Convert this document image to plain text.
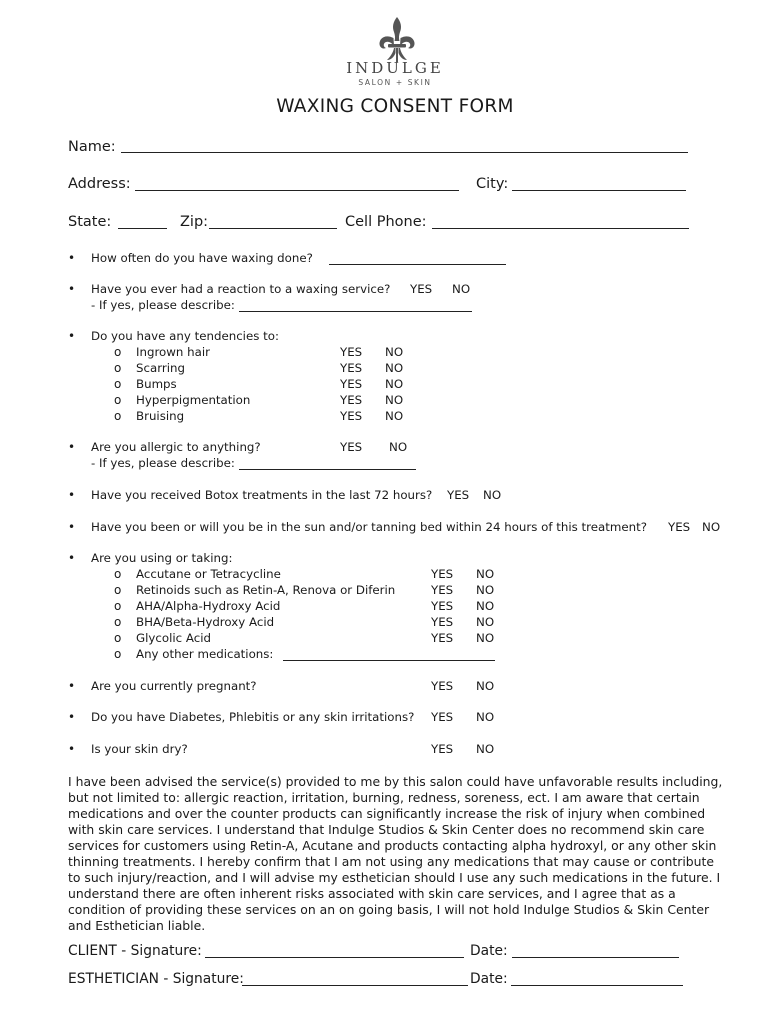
INDULGE
SALON + SKIN
WAXING CONSENT FORM
Name:
Address:	City:
State:	Zip:	Cell Phone:
• How often do you have waxing done?
• Have you ever had a reaction to a waxing service? YES NO
- If yes, please describe:
• Do you have any tendencies to:
o Ingrown hair	YES NO
o Scarring	YES NO
o Bumps	YES NO
o Hyperpigmentation	YES NO
o Bruising	YES NO
• Are you allergic to anything?	YES NO
- If yes, please describe:
• Have you received Botox treatments in the last 72 hours? YES NO
• Have you been or will you be in the sun and/or tanning bed within 24 hours of this treatment? YES NO
• Are you using or taking:
o Accutane or Tetracycline	YES NO
o Retinoids such as Retin-A, Renova or Diferin	YES NO
o AHA/Alpha-Hydroxy Acid	YES NO
o BHA/Beta-Hydroxy Acid	YES NO
o Glycolic Acid	YES NO
o Any other medications:
• Are you currently pregnant?	YES NO
• Do you have Diabetes, Phlebitis or any skin irritations? YES NO
• Is your skin dry?	YES NO
I have been advised the service(s) provided to me by this salon could have unfavorable results including, but not limited to: allergic reaction, irritation, burning, redness, soreness, ect. I am aware that certain medications and over the counter products can significantly increase the risk of injury when combined with skin care services. I understand that Indulge Studios & Skin Center does no recommend skin care services for customers using Retin-A, Acutane and products contacting alpha hydroxyl, or any other skin thinning treatments. I hereby confirm that I am not using any medications that may cause or contribute to such injury/reaction, and I will advise my esthetician should I use any such medications in the future. I understand there are often inherent risks associated with skin care services, and I agree that as a condition of providing these services on an on going basis, I will not hold Indulge Studios & Skin Center and Esthetician liable.
CLIENT - Signature:	Date:
ESTHETICIAN - Signature:	Date:
